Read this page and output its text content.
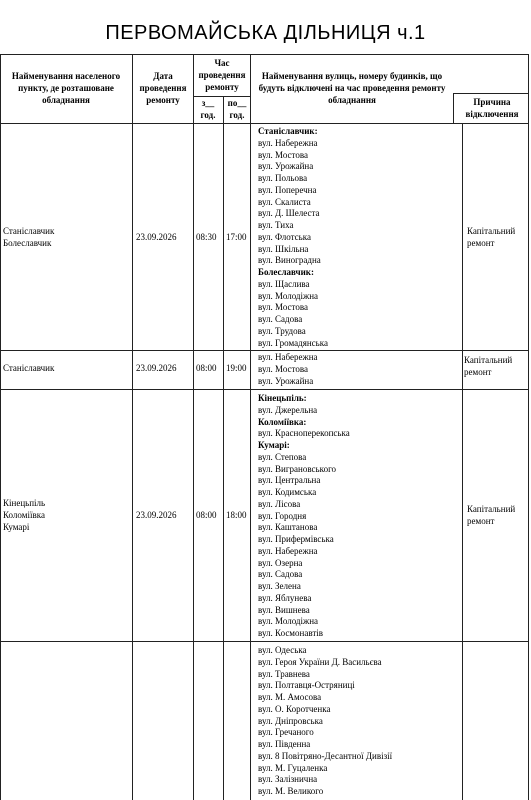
ПЕРВОМАЙСЬКА ДІЛЬНИЦЯ ч.1
Найменування населеного пункту, де розташоване обладнання
Дата проведення ремонту
Час проведення ремонту
з__ год.
по__ год.
Найменування вулиць, номеру будинків, що будуть відключені на час проведення ремонту обладнання	Причина відключення
Станіславчик
Болеславчик
23.09.2026 08:30 17:00
Капітальний
ремонт
Станіславчик:
вул. Набережна
вул. Мостова
вул. Урожайна
вул. Польова
вул. Поперечна
вул. Скалиста
вул. Д. Шелеста
вул. Тиха
вул. Флотська
вул. Шкільна
вул. Виноградна
Болеславчик:
вул. Щаслива
вул. Молодіжна
вул. Мостова
вул. Садова
вул. Трудова
вул. Громадянська
Станіславчик	23.09.2026 08:00 19:00
Капітальний
ремонт
вул. Набережна
вул. Мостова
вул. Урожайна
Кінецьпіль
Коломіївка
Кумарі
23.09.2026 08:00 18:00
Капітальний
ремонт
Кінецьпіль:
вул. Джерельна
Коломіївка:
вул. Красноперекопська
Кумарі:
вул. Степова
вул. Виграновського
вул. Центральна
вул. Кодимська
вул. Лісова
вул. Городня
вул. Каштанова
вул. Прифермівська
вул. Набережна
вул. Озерна
вул. Садова
вул. Зелена
вул. Яблунева
вул. Вишнева
вул. Молодіжна
вул. Космонавтів
вул. Одеська
вул. Героя України Д. Васильєва
вул. Травнева
вул. Полтавця-Остряниці
вул. М. Амосова
вул. О. Коротченка
вул. Дніпровська
вул. Гречаного
вул. Південна
вул. 8 Повітряно-Десантної Дивізії
вул. М. Гуцаленка
вул. Залізнична
вул. М. Великого
